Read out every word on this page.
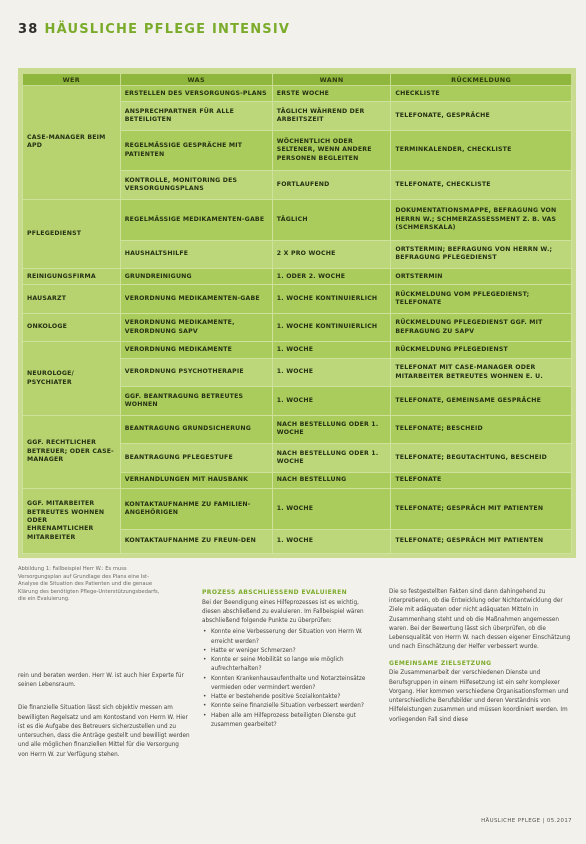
38 HÄUSLICHE PFLEGE INTENSIV
WER	WAS	WANN	RÜCKMELDUNG
CASE-MANAGER BEIM APD	ERSTELLEN DES VERSORGUNGS-PLANS	ERSTE WOCHE	CHECKLISTE
	ANSPRECHPARTNER FÜR ALLE BETEILIGTEN	TÄGLICH WÄHREND DER ARBEITSZEIT	TELEFONATE, GESPRÄCHE
	REGELMÄSSIGE GESPRÄCHE MIT PATIENTEN	WÖCHENTLICH ODER SELTENER, WENN ANDERE PERSONEN BEGLEITEN	TERMINKALENDER, CHECKLISTE
	KONTROLLE, MONITORING DES VERSORGUNGSPLANS	FORTLAUFEND	TELEFONATE, CHECKLISTE
PFLEGEDIENST	REGELMÄSSIGE MEDIKAMENTEN-GABE	TÄGLICH	DOKUMENTATIONSMAPPE, BEFRAGUNG VON HERRN W.; SCHMERZASSESSMENT Z. B. VAS (SCHMERSKALA)
	HAUSHALTSHILFE	2 X PRO WOCHE	ORTSTERMIN; BEFRAGUNG VON HERRN W.; BEFRAGUNG PFLEGEDIENST
REINIGUNGSFIRMA	GRUNDREINIGUNG	1. ODER 2. WOCHE	ORTSTERMIN
HAUSARZT	VERORDNUNG MEDIKAMENTEN-GABE	1. WOCHE KONTINUIERLICH	RÜCKMELDUNG VOM PFLEGEDIENST; TELEFONATE
ONKOLOGE	VERORDNUNG MEDIKAMENTE, VERORDNUNG SAPV	1. WOCHE KONTINUIERLICH	RÜCKMELDUNG PFLEGEDIENST GGF. MIT BEFRAGUNG ZU SAPV
NEUROLOGE/ PSYCHIATER	VERORDNUNG MEDIKAMENTE	1. WOCHE	RÜCKMELDUNG PFLEGEDIENST
	VERORDNUNG PSYCHOTHERAPIE	1. WOCHE	TELEFONAT MIT CASE-MANAGER ODER MITARBEITER BETREUTES WOHNEN E. U.
	GGF. BEANTRAGUNG BETREUTES WOHNEN	1. WOCHE	TELEFONATE, GEMEINSAME GESPRÄCHE
GGF. RECHTLICHER BETREUER; ODER CASE-MANAGER	BEANTRAGUNG GRUNDSICHERUNG	NACH BESTELLUNG ODER 1. WOCHE	TELEFONATE; BESCHEID
	BEANTRAGUNG PFLEGESTUFE	NACH BESTELLUNG ODER 1. WOCHE	TELEFONATE; BEGUTACHTUNG, BESCHEID
	VERHANDLUNGEN MIT HAUSBANK	NACH BESTELLUNG	TELEFONATE
GGF. MITARBEITER BETREUTES WOHNEN ODER EHRENAMTLICHER MITARBEITER	KONTAKTAUFNAHME ZU FAMILIEN-ANGEHÖRIGEN	1. WOCHE	TELEFONATE; GESPRÄCH MIT PATIENTEN
	KONTAKTAUFNAHME ZU FREUN-DEN	1. WOCHE	TELEFONATE; GESPRÄCH MIT PATIENTEN
Abbildung 1: Fallbeispiel Herr W.: Es muss Versorgungsplan auf Grundlage des Plans eine Ist-Analyse die Situation des Patienten und die genaue Klärung des benötigten Pflege-Unterstützungsbedarfs, die ein Evaluierung.

rein und beraten werden. Herr W. ist auch hier Experte für seinen Lebensraum.

Die finanzielle Situation lässt sich objektiv messen am bewilligten Regelsatz und am Kontostand von Herrn W. Hier ist es die Aufgabe des Betreuers sicherzustellen und zu untersuchen, dass die Anträge gestellt und bewilligt werden und alle möglichen finanziellen Mittel für die Versorgung von Herrn W. zur Verfügung stehen.

PROZESS ABSCHLIESSEND EVALUIEREN

Bei der Beendigung eines Hilfeprozesses ist es wichtig, diesen abschließend zu evaluieren. Im Fallbeispiel wären abschließend folgende Punkte zu überprüfen:

• Konnte eine Verbesserung der Situation von Herrn W. erreicht werden?
• Hatte er weniger Schmerzen?
• Konnte er seine Mobilität so lange wie möglich aufrechterhalten?
• Konnten Krankenhausaufenthalte und Notarzteinsätze vermieden oder vermindert werden?
• Hatte er bestehende positive Sozialkontakte?
• Konnte seine finanzielle Situation verbessert werden?
• Haben alle am Hilfeprozess beteiligten Dienste gut zusammen gearbeitet?

Die so festgestellten Fakten sind dann dahingehend zu interpretieren, ob die Entwicklung oder Nichtentwicklung der Ziele mit adäquaten oder nicht adäquaten Mitteln in Zusammenhang steht und ob die Maßnahmen angemessen waren. Bei der Bewertung lässt sich überprüfen, ob die Lebensqualität von Herrn W. nach dessen eigener Einschätzung und nach Einschätzung der Helfer verbessert wurde.

GEMEINSAME ZIELSETZUNG

Die Zusammenarbeit der verschiedenen Dienste und Berufsgruppen in einem Hilfesetzung ist ein sehr komplexer Vorgang. Hier kommen verschiedene Organisationsformen und unterschiedliche Berufsbilder und deren Verständnis von Hilfeleistungen zusammen und müssen koordiniert werden. Im vorliegenden Fall sind diese

HÄUSLICHE PFLEGE | 05.2017
